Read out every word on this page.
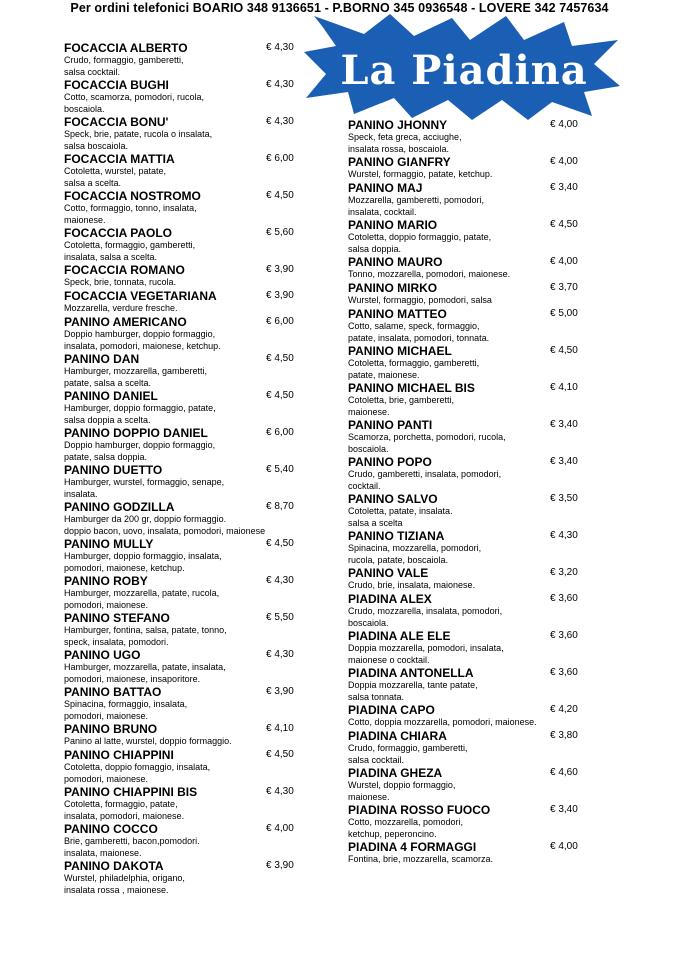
Per ordini telefonici BOARIO 348 9136651 - P.BORNO 345 0936548 - LOVERE 342 7457634
La Piadina
FOCACCIA ALBERTO	€ 4,30
Crudo, formaggio, gamberetti,
salsa cocktail.
FOCACCIA BUGHI	€ 4,30
Cotto, scamorza, pomodori, rucola,
boscaiola.
FOCACCIA BONU'	€ 4,30
Speck, brie, patate, rucola o insalata,
salsa boscaiola.
FOCACCIA MATTIA	€ 6,00
Cotoletta, wurstel, patate,
salsa a scelta.
FOCACCIA NOSTROMO	€ 4,50
Cotto, formaggio, tonno, insalata,
maionese.
FOCACCIA PAOLO	€ 5,60
Cotoletta, formaggio, gamberetti,
insalata, salsa a scelta.
FOCACCIA ROMANO	€ 3,90
Speck, brie, tonnata, rucola.
FOCACCIA VEGETARIANA	€ 3,90
Mozzarella, verdure fresche.
PANINO AMERICANO	€ 6,00
Doppio hamburger, doppio formaggio,
insalata, pomodori, maionese, ketchup.
PANINO DAN	€ 4,50
Hamburger, mozzarella, gamberetti,
patate, salsa a scelta.
PANINO DANIEL	€ 4,50
Hamburger, doppio formaggio, patate,
salsa doppia a scelta.
PANINO DOPPIO DANIEL	€ 6,00
Doppio hamburger, doppio formaggio,
patate, salsa doppia.
PANINO DUETTO	€ 5,40
Hamburger, wurstel, formaggio, senape,
insalata.
PANINO GODZILLA	€ 8,70
Hamburger da 200 gr, doppio formaggio.
doppio bacon, uovo, insalata, pomodori, maionese
PANINO MULLY	€ 4,50
Hamburger, doppio formaggio, insalata,
pomodori, maionese, ketchup.
PANINO ROBY	€ 4,30
Hamburger, mozzarella, patate, rucola,
pomodori, maionese.
PANINO STEFANO	€ 5,50
Hamburger, fontina, salsa, patate, tonno,
speck, insalata, pomodori.
PANINO UGO	€ 4,30
Hamburger, mozzarella, patate, insalata,
pomodori, maionese, insaporitore.
PANINO BATTAO	€ 3,90
Spinacina, formaggio, insalata,
pomodori, maionese.
PANINO BRUNO	€ 4,10
Panino al latte, wurstel, doppio formaggio.
PANINO CHIAPPINI	€ 4,50
Cotoletta, doppio fomaggio, insalata,
pomodori, maionese.
PANINO CHIAPPINI BIS	€ 4,30
Cotoletta, formaggio, patate,
insalata, pomodori, maionese.
PANINO COCCO	€ 4,00
Brie, gamberetti, bacon,pomodori.
insalata, maionese.
PANINO DAKOTA	€ 3,90
Wurstel, philadelphia, origano,
insalata rossa , maionese.
PANINO JHONNY	€ 4,00
Speck, feta greca, acciughe,
insalata rossa, boscaiola.
PANINO GIANFRY	€ 4,00
Wurstel, formaggio, patate, ketchup.
PANINO MAJ	€ 3,40
Mozzarella, gamberetti, pomodori,
insalata, cocktail.
PANINO MARIO	€ 4,50
Cotoletta, doppio formaggio, patate,
salsa doppia.
PANINO MAURO	€ 4,00
Tonno, mozzarella, pomodori, maionese.
PANINO MIRKO	€ 3,70
Wurstel, formaggio, pomodori, salsa
PANINO MATTEO	€ 5,00
Cotto, salame, speck, formaggio,
patate, insalata, pomodori, tonnata.
PANINO MICHAEL	€ 4,50
Cotoletta, formaggio, gamberetti,
patate, maionese.
PANINO MICHAEL BIS	€ 4,10
Cotoletta, brie, gamberetti,
maionese.
PANINO PANTI	€ 3,40
Scamorza, porchetta, pomodori, rucola,
boscaiola.
PANINO POPO	€ 3,40
Crudo, gamberetti, insalata, pomodori,
cocktail.
PANINO SALVO	€ 3,50
Cotoletta, patate, insalata.
salsa a scelta
PANINO TIZIANA	€ 4,30
Spinacina, mozzarella, pomodori,
rucola, patate, boscaiola.
PANINO VALE	€ 3,20
Crudo, brie, insalata, maionese.
PIADINA ALEX	€ 3,60
Crudo, mozzarella, insalata, pomodori,
boscaiola.
PIADINA ALE ELE	€ 3,60
Doppia mozzarella, pomodori, insalata,
maionese o cocktail.
PIADINA ANTONELLA	€ 3,60
Doppia mozzarella, tante patate,
salsa tonnata.
PIADINA CAPO	€ 4,20
Cotto, doppia mozzarella, pomodori, maionese.
PIADINA CHIARA	€ 3,80
Crudo, formaggio, gamberetti,
salsa cocktail.
PIADINA GHEZA	€ 4,60
Wurstel, doppio formaggio,
maionese.
PIADINA ROSSO FUOCO	€ 3,40
Cotto, mozzarella, pomodori,
ketchup, peperoncino.
PIADINA 4 FORMAGGI	€ 4,00
Fontina, brie, mozzarella, scamorza.
